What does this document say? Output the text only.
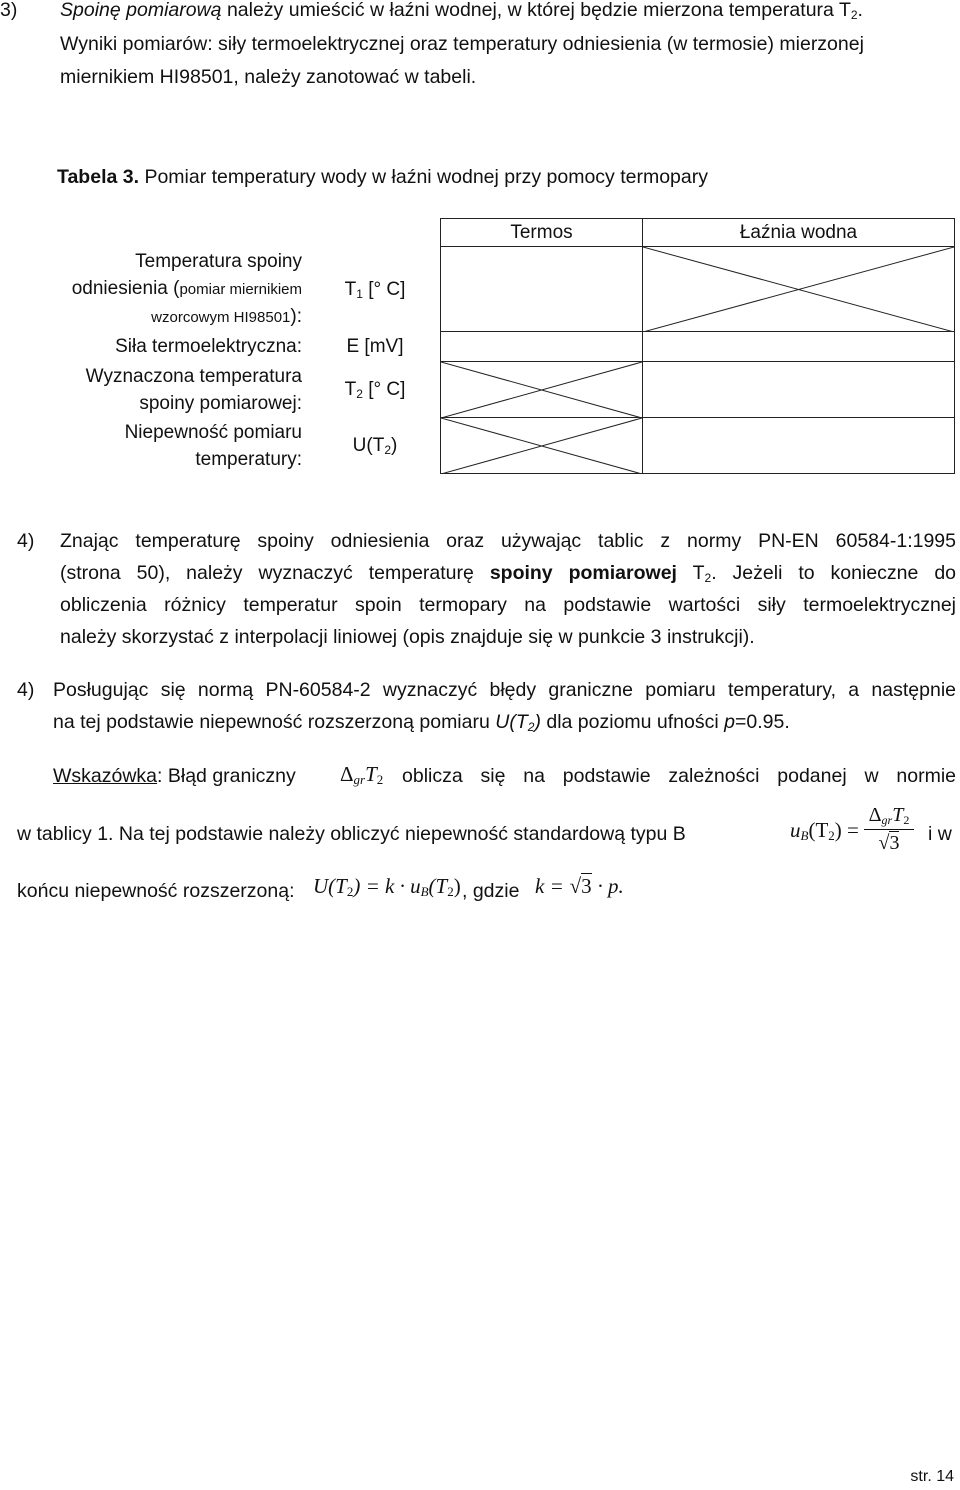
3) Spoinę pomiarową należy umieścić w łaźni wodnej, w której będzie mierzona temperatura $T_2$.
Wyniki pomiarów: siły termoelektrycznej oraz temperatury odniesienia (w termosie) mierzonej
miernikiem HI98501, należy zanotować w tabeli.
Tabela 3. Pomiar temperatury wody w łaźni wodnej przy pomocy termopary
		Termos	Łaźnia wodna

Temperatura spoiny
odniesienia (pomiar miernikiem
wzorcowym HI98501):	$T_1$ [° C]		

Siła termoelektryczna:	E [mV]		

Wyznaczona temperatura
spoiny pomiarowej:	$T_2$ [° C]	

Niepewność pomiaru
temperatury:	$U(T_2)$	

4) Znając temperaturę spoiny odniesienia oraz używając tablic z normy PN-EN 60584-1:1995
(strona 50), należy wyznaczyć temperaturę spoiny pomiarowej $T_2$. Jeżeli to konieczne do
obliczenia różnicy temperatur spoin termopary na podstawie wartości siły termoelektrycznej
należy skorzystać z interpolacji liniowej (opis znajduje się w punkcie 3 instrukcji).
4) Posługując się normą PN-60584-2 wyznaczyć błędy graniczne pomiaru temperatury, a następnie
na tej podstawie niepewność rozszerzoną pomiaru $U(T_2)$ dla poziomu ufności p=0.95.
Wskazówka: Błąd graniczny $\Delta_{gr}T_2$ oblicza się na podstawie zależności podanej w normie
w tablicy 1. Na tej podstawie należy obliczyć niepewność standardową typu B	$u_B(T_2)$ =
$\Delta_{gr}T_2$
√3	i w
końcu niepewność rozszerzoną: $U(T_2) = k \cdot u_B(T_2)$ , gdzie k = √3 · p.
str. 14
